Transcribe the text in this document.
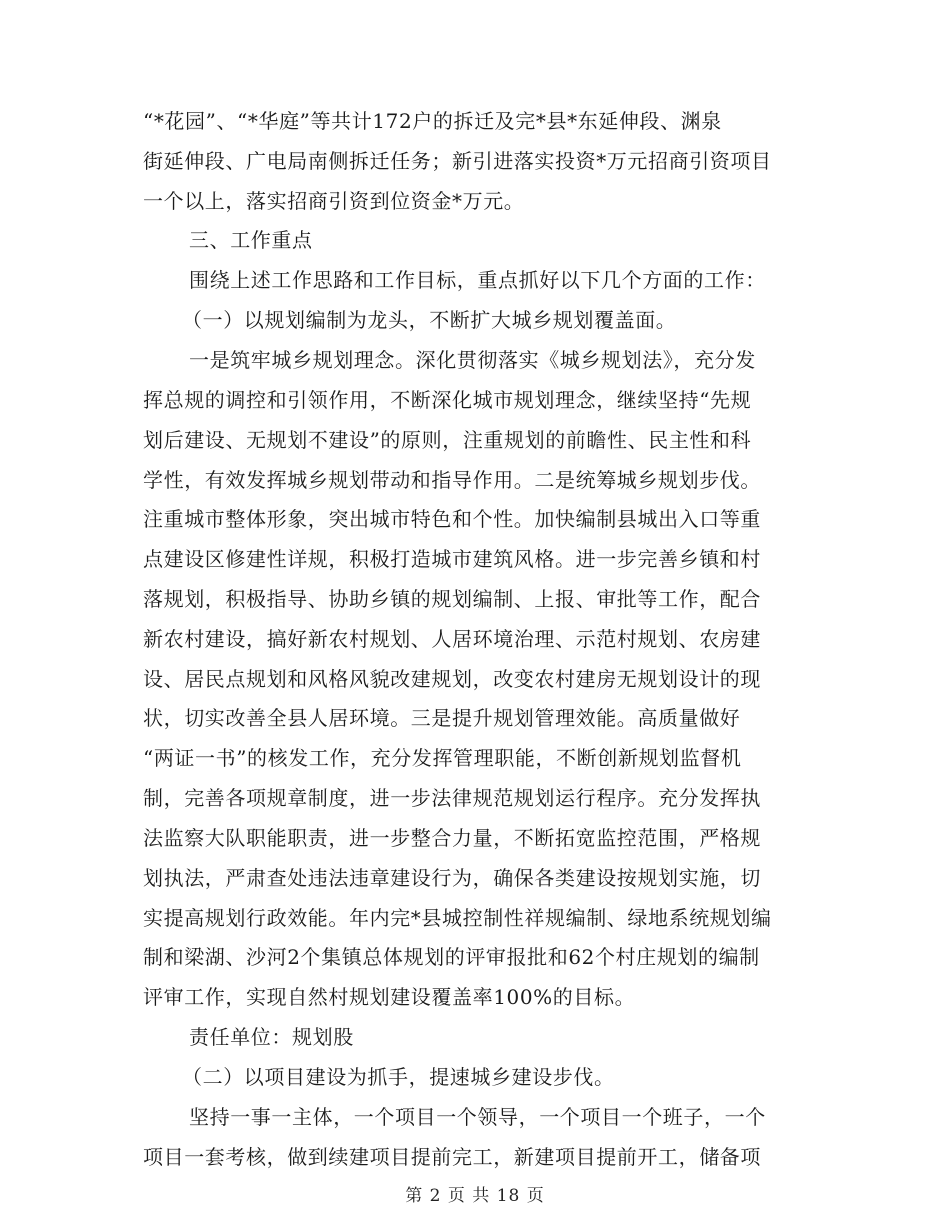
“*花园”、“*华庭”等共计172户的拆迁及完*县*东延伸段、渊泉
街延伸段、广电局南侧拆迁任务；新引进落实投资*万元招商引资项目
一个以上，落实招商引资到位资金*万元。
三、工作重点
围绕上述工作思路和工作目标，重点抓好以下几个方面的工作：
（一）以规划编制为龙头，不断扩大城乡规划覆盖面。
一是筑牢城乡规划理念。深化贯彻落实《城乡规划法》，充分发
挥总规的调控和引领作用，不断深化城市规划理念，继续坚持“先规
划后建设、无规划不建设”的原则，注重规划的前瞻性、民主性和科
学性，有效发挥城乡规划带动和指导作用。二是统筹城乡规划步伐。
注重城市整体形象，突出城市特色和个性。加快编制县城出入口等重
点建设区修建性详规，积极打造城市建筑风格。进一步完善乡镇和村
落规划，积极指导、协助乡镇的规划编制、上报、审批等工作，配合
新农村建设，搞好新农村规划、人居环境治理、示范村规划、农房建
设、居民点规划和风格风貌改建规划，改变农村建房无规划设计的现
状，切实改善全县人居环境。三是提升规划管理效能。高质量做好
“两证一书”的核发工作，充分发挥管理职能，不断创新规划监督机
制，完善各项规章制度，进一步法律规范规划运行程序。充分发挥执
法监察大队职能职责，进一步整合力量，不断拓宽监控范围，严格规
划执法，严肃查处违法违章建设行为，确保各类建设按规划实施，切
实提高规划行政效能。年内完*县城控制性祥规编制、绿地系统规划编
制和梁湖、沙河2个集镇总体规划的评审报批和62个村庄规划的编制
评审工作，实现自然村规划建设覆盖率100%的目标。
责任单位：规划股
（二）以项目建设为抓手，提速城乡建设步伐。
坚持一事一主体，一个项目一个领导，一个项目一个班子，一个
项目一套考核，做到续建项目提前完工，新建项目提前开工，储备项
第 2 页 共 18 页
